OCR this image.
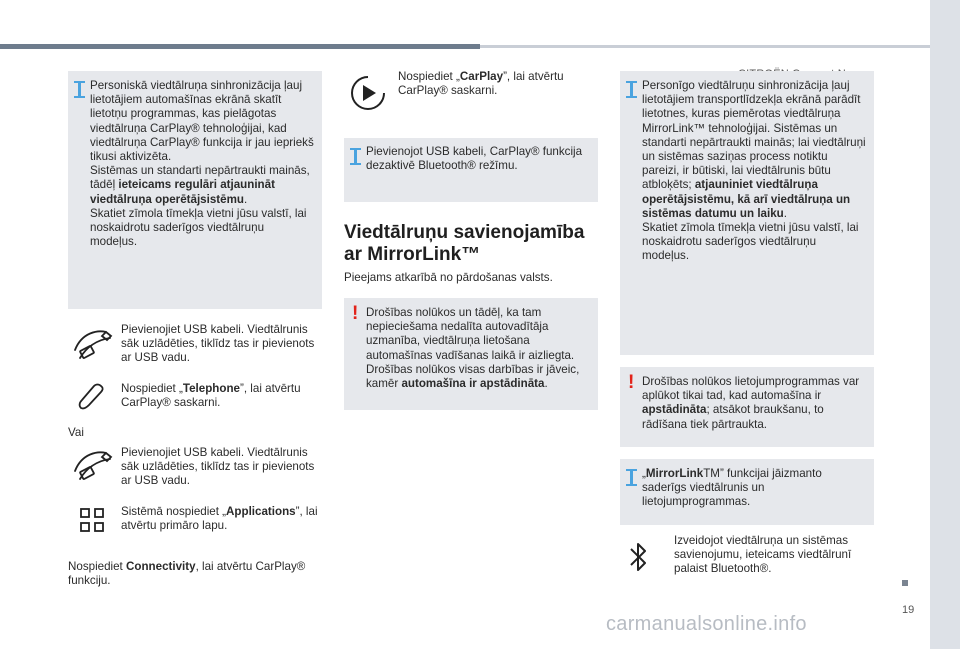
19
Personiskā viedtālruņa sinhronizācija ļauj lietotājiem automašīnas ekrānā skatīt lietotņu programmas, kas pielāgotas viedtālruņa CarPlay® tehnoloģijai, kad viedtālruņa CarPlay® funkcija ir jau iepriekš tikusi aktivizēta.
Sistēmas un standarti nepārtraukti mainās, tādēļ ieteicams regulāri atjaunināt viedtālruņa operētājsistēmu.
Skatiet zīmola tīmekļa vietni jūsu valstī, lai noskaidrotu saderīgos viedtālruņu modeļus.
Pievienojiet USB kabeli. Viedtālrunis sāk uzlādēties, tiklīdz tas ir pievienots ar USB vadu.
Nospiediet „Telephone”, lai atvērtu CarPlay® saskarni.
Vai
Pievienojiet USB kabeli. Viedtālrunis sāk uzlādēties, tiklīdz tas ir pievienots ar USB vadu.
Sistēmā nospiediet „Applications”, lai atvērtu primāro lapu.
Nospiediet Connectivity, lai atvērtu CarPlay® funkciju.
Nospiediet „CarPlay”, lai atvērtu CarPlay® saskarni.
Pievienojot USB kabeli, CarPlay® funkcija dezaktivē Bluetooth® režīmu.
Viedtālruņu savienojamība ar MirrorLink™
Pieejams atkarībā no pārdošanas valsts.
! Drošības nolūkos un tādēļ, ka tam nepieciešama nedalīta autovadītāja uzmanība, viedtālruņa lietošana automašīnas vadīšanas laikā ir aizliegta. Drošības nolūkos visas darbības ir jāveic, kamēr automašīna ir apstādināta.
Personīgo viedtālruņu sinhronizācija ļauj lietotājiem transportlīdzekļa ekrānā parādīt lietotnes, kuras piemērotas viedtālruņa MirrorLink™ tehnoloģijai. Sistēmas un standarti nepārtraukti mainās; lai viedtālruņi un sistēmas saziņas process notiktu pareizi, ir būtiski, lai viedtālrunis būtu atbloķēts; atjauniniet viedtālruņa operētājsistēmu, kā arī viedtālruņa un sistēmas datumu un laiku.
Skatiet zīmola tīmekļa vietni jūsu valstī, lai noskaidrotu saderīgos viedtālruņu modeļus.
! Drošības nolūkos lietojumprogrammas var aplūkot tikai tad, kad automašīna ir apstādināta; atsākot braukšanu, to rādīšana tiek pārtraukta.
„MirrorLinkTM” funkcijai jāizmanto saderīgs viedtālrunis un lietojumprogrammas.
Izveidojot viedtālruņa un sistēmas savienojumu, ieteicams viedtālrunī palaist Bluetooth®.
carmanualsonline.info
